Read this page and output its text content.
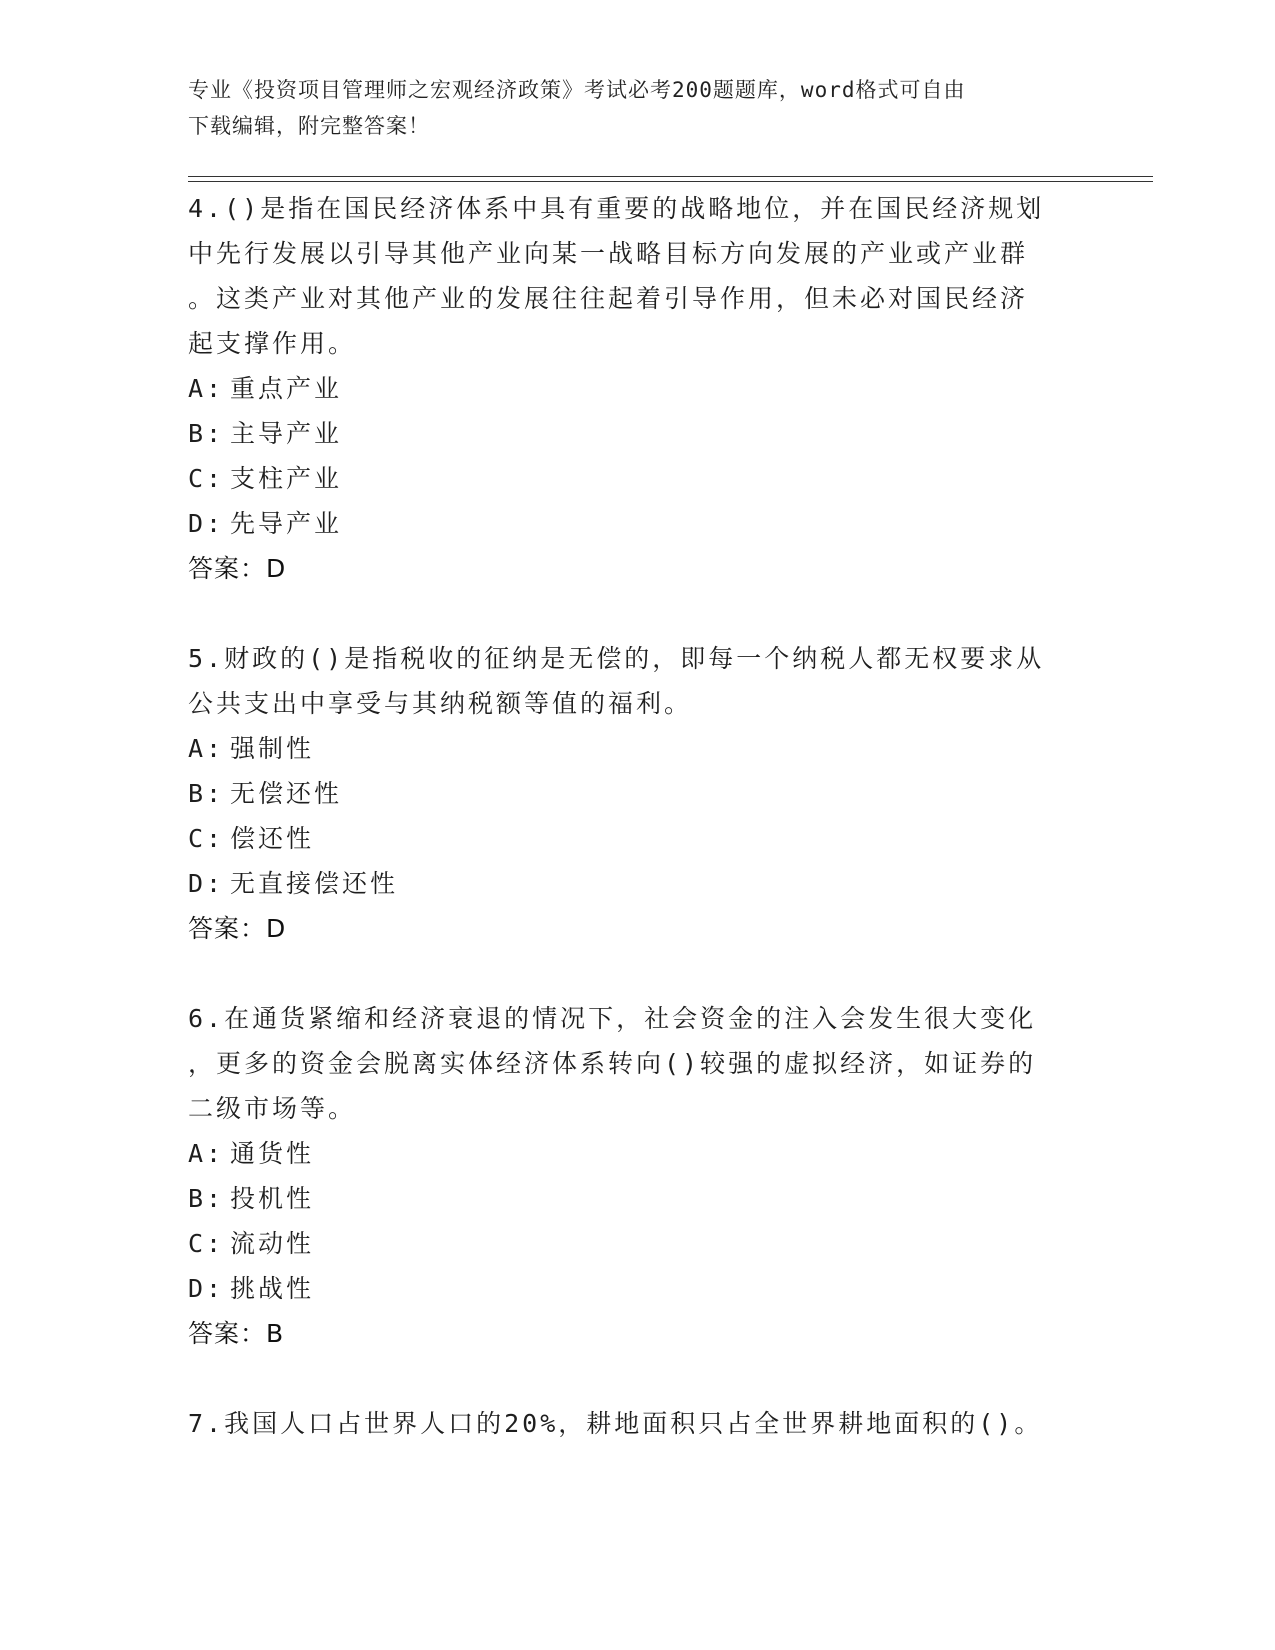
专业《投资项目管理师之宏观经济政策》考试必考200题题库，word格式可自由
下载编辑，附完整答案！

4.()是指在国民经济体系中具有重要的战略地位，并在国民经济规划

中先行发展以引导其他产业向某一战略目标方向发展的产业或产业群

。这类产业对其他产业的发展往往起着引导作用，但未必对国民经济

起支撑作用。

A: 重点产业

B: 主导产业

C: 支柱产业

D: 先导产业

答案：D

5.财政的()是指税收的征纳是无偿的，即每一个纳税人都无权要求从

公共支出中享受与其纳税额等值的福利。

A: 强制性

B: 无偿还性

C: 偿还性

D: 无直接偿还性

答案：D

6.在通货紧缩和经济衰退的情况下，社会资金的注入会发生很大变化

，更多的资金会脱离实体经济体系转向()较强的虚拟经济，如证券的

二级市场等。

A: 通货性

B: 投机性

C: 流动性

D: 挑战性

答案：B

7.我国人口占世界人口的20%，耕地面积只占全世界耕地面积的()。
